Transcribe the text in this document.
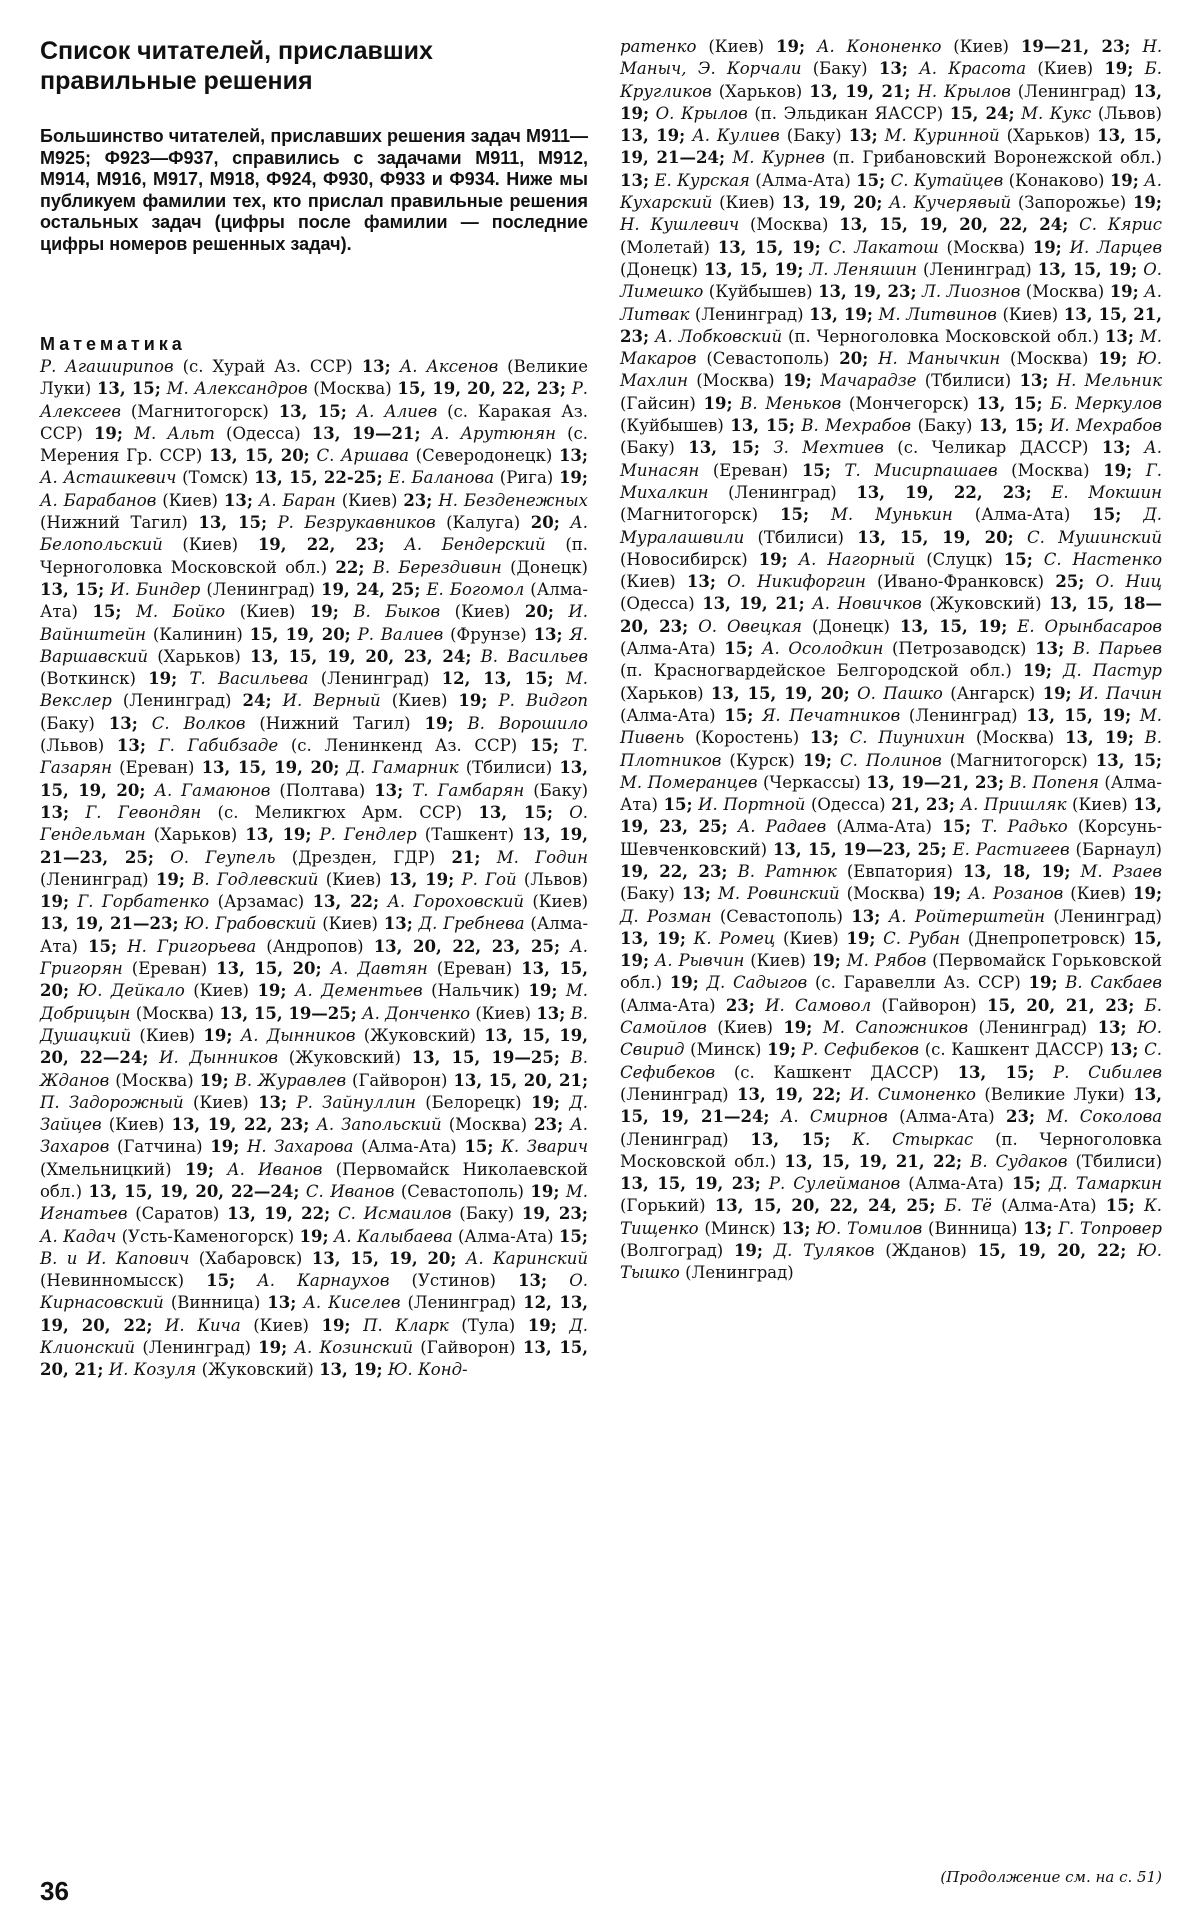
Список читателей, приславших правильные решения

Большинство читателей, приславших решения задач М911—М925; Ф923—Ф937, справились с задачами М911, М912, М914, М916, М917, М918, Ф924, Ф930, Ф933 и Ф934. Ниже мы публикуем фамилии тех, кто прислал правильные решения остальных задач (цифры после фамилии — последние цифры номеров решенных задач).

Математика

Р. Агаширипов (с. Хурай Аз. ССР) 13; А. Аксенов (Великие Луки) 13, 15; М. Александров (Москва) 15, 19, 20, 22, 23; Р. Алексеев (Магнитогорск) 13, 15; А. Алиев (с. Каракая Аз. ССР) 19; М. Альт (Одесса) 13, 19—21; А. Арутюнян (с. Мерения Гр. ССР) 13, 15, 20; С. Аршава (Северодонецк) 13; А. Асташкевич (Томск) 13, 15, 22-25; Е. Баланова (Рига) 19; А. Барабанов (Киев) 13; А. Баран (Киев) 23; Н. Безденежных (Нижний Тагил) 13, 15; Р. Безрукавников (Калуга) 20; А. Белопольский (Киев) 19, 22, 23; А. Бендерский (п. Черноголовка Московской обл.) 22; В. Берездивин (Донецк) 13, 15; И. Биндер (Ленинград) 19, 24, 25; Е. Богомол (Алма-Ата) 15; М. Бойко (Киев) 19; В. Быков (Киев) 20; И. Вайнштейн (Калинин) 15, 19, 20; Р. Валиев (Фрунзе) 13; Я. Варшавский (Харьков) 13, 15, 19, 20, 23, 24; В. Васильев (Воткинск) 19; Т. Васильева (Ленинград) 12, 13, 15; М. Векслер (Ленинград) 24; И. Верный (Киев) 19; Р. Видгоп (Баку) 13; С. Волков (Нижний Тагил) 19; В. Ворошило (Львов) 13; Г. Габибзаде (с. Ленинкенд Аз. ССР) 15; Т. Газарян (Ереван) 13, 15, 19, 20; Д. Гамарник (Тбилиси) 13, 15, 19, 20; А. Гамаюнов (Полтава) 13; Т. Гамбарян (Баку) 13; Г. Гевондян (с. Меликгюх Арм. ССР) 13, 15; О. Гендельман (Харьков) 13, 19; Р. Гендлер (Ташкент) 13, 19, 21—23, 25; О. Геупель (Дрезден, ГДР) 21; М. Годин (Ленинград) 19; В. Годлевский (Киев) 13, 19; Р. Гой (Львов) 19; Г. Горбатенко (Арзамас) 13, 22; А. Гороховский (Киев) 13, 19, 21—23; Ю. Грабовский (Киев) 13; Д. Гребнева (Алма-Ата) 15; Н. Григорьева (Андропов) 13, 20, 22, 23, 25; А. Григорян (Ереван) 13, 15, 20; А. Давтян (Ереван) 13, 15, 20; Ю. Дейкало (Киев) 19; А. Дементьев (Нальчик) 19; М. Добрицын (Москва) 13, 15, 19—25; А. Донченко (Киев) 13; В. Душацкий (Киев) 19; А. Дынников (Жуковский) 13, 15, 19, 20, 22—24; И. Дынников (Жуковский) 13, 15, 19—25; В. Жданов (Москва) 19; В. Журавлев (Гайворон) 13, 15, 20, 21; П. Задорожный (Киев) 13; Р. Зайнуллин (Белорецк) 19; Д. Зайцев (Киев) 13, 19, 22, 23; А. Запольский (Москва) 23; А. Захаров (Гатчина) 19; Н. Захарова (Алма-Ата) 15; К. Зварич (Хмельницкий) 19; А. Иванов (Первомайск Николаевской обл.) 13, 15, 19, 20, 22—24; С. Иванов (Севастополь) 19; М. Игнатьев (Саратов) 13, 19, 22; С. Исмаилов (Баку) 19, 23; А. Кадач (Усть-Каменогорск) 19; А. Калыбаева (Алма-Ата) 15; В. и И. Капович (Хабаровск) 13, 15, 19, 20; А. Каринский (Невинномысск) 15; А. Карнаухов (Устинов) 13; О. Кирнасовский (Винница) 13; А. Киселев (Ленинград) 12, 13, 19, 20, 22; И. Кича (Киев) 19; П. Кларк (Тула) 19; Д. Клионский (Ленинград) 19; А. Козинский (Гайворон) 13, 15, 20, 21; И. Козуля (Жуковский) 13, 19; Ю. Конд-

ратенко (Киев) 19; А. Кононенко (Киев) 19—21, 23; Н. Маныч, Э. Корчали (Баку) 13; А. Красота (Киев) 19; Б. Кругликов (Харьков) 13, 19, 21; Н. Крылов (Ленинград) 13, 19; О. Крылов (п. Эльдикан ЯАССР) 15, 24; М. Кукс (Львов) 13, 19; А. Кулиев (Баку) 13; М. Куринной (Харьков) 13, 15, 19, 21—24; М. Курнев (п. Грибановский Воронежской обл.) 13; Е. Курская (Алма-Ата) 15; С. Кутайцев (Конаково) 19; А. Кухарский (Киев) 13, 19, 20; А. Кучерявый (Запорожье) 19; Н. Кушлевич (Москва) 13, 15, 19, 20, 22, 24; С. Кярис (Молетай) 13, 15, 19; С. Лакатош (Москва) 19; И. Ларцев (Донецк) 13, 15, 19; Л. Леняшин (Ленинград) 13, 15, 19; О. Лимешко (Куйбышев) 13, 19, 23; Л. Лиознов (Москва) 19; А. Литвак (Ленинград) 13, 19; М. Литвинов (Киев) 13, 15, 21, 23; А. Лобковский (п. Черноголовка Московской обл.) 13; М. Макаров (Севастополь) 20; Н. Манычкин (Москва) 19; Ю. Махлин (Москва) 19; Мачарадзе (Тбилиси) 13; Н. Мельник (Гайсин) 19; В. Меньков (Мончегорск) 13, 15; Б. Меркулов (Куйбышев) 13, 15; В. Мехрабов (Баку) 13, 15; И. Мехрабов (Баку) 13, 15; З. Мехтиев (с. Челикар ДАССР) 13; А. Минасян (Ереван) 15; Т. Мисирпашаев (Москва) 19; Г. Михалкин (Ленинград) 13, 19, 22, 23; Е. Мокшин (Магнитогорск) 15; М. Мунькин (Алма-Ата) 15; Д. Муралашвили (Тбилиси) 13, 15, 19, 20; С. Мушинский (Новосибирск) 19; А. Нагорный (Слуцк) 15; С. Настенко (Киев) 13; О. Никифоргин (Ивано-Франковск) 25; О. Ниц (Одесса) 13, 19, 21; А. Новичков (Жуковский) 13, 15, 18—20, 23; О. Овецкая (Донецк) 13, 15, 19; Е. Орынбасаров (Алма-Ата) 15; А. Осолодкин (Петрозаводск) 13; В. Парьев (п. Красногвардейское Белгородской обл.) 19; Д. Пастур (Харьков) 13, 15, 19, 20; О. Пашко (Ангарск) 19; И. Пачин (Алма-Ата) 15; Я. Печатников (Ленинград) 13, 15, 19; М. Пивень (Коростень) 13; С. Пиунихин (Москва) 13, 19; В. Плотников (Курск) 19; С. Полинов (Магнитогорск) 13, 15; М. Померанцев (Черкассы) 13, 19—21, 23; В. Попеня (Алма-Ата) 15; И. Портной (Одесса) 21, 23; А. Пришляк (Киев) 13, 19, 23, 25; А. Радаев (Алма-Ата) 15; Т. Радько (Корсунь-Шевченковский) 13, 15, 19—23, 25; Е. Растигеев (Барнаул) 19, 22, 23; В. Ратнюк (Евпатория) 13, 18, 19; М. Рзаев (Баку) 13; М. Ровинский (Москва) 19; А. Розанов (Киев) 19; Д. Розман (Севастополь) 13; А. Ройтерштейн (Ленинград) 13, 19; К. Ромец (Киев) 19; С. Рубан (Днепропетровск) 15, 19; А. Рывчин (Киев) 19; М. Рябов (Первомайск Горьковской обл.) 19; Д. Садыгов (с. Гаравелли Аз. ССР) 19; В. Сакбаев (Алма-Ата) 23; И. Самовол (Гайворон) 15, 20, 21, 23; Б. Самойлов (Киев) 19; М. Сапожников (Ленинград) 13; Ю. Свирид (Минск) 19; Р. Сефибеков (с. Кашкент ДАССР) 13; С. Сефибеков (с. Кашкент ДАССР) 13, 15; Р. Сибилев (Ленинград) 13, 19, 22; И. Симоненко (Великие Луки) 13, 15, 19, 21—24; А. Смирнов (Алма-Ата) 23; М. Соколова (Ленинград) 13, 15; К. Стыркас (п. Черноголовка Московской обл.) 13, 15, 19, 21, 22; В. Судаков (Тбилиси) 13, 15, 19, 23; Р. Сулейманов (Алма-Ата) 15; Д. Тамаркин (Горький) 13, 15, 20, 22, 24, 25; Б. Тё (Алма-Ата) 15; К. Тищенко (Минск) 13; Ю. Томилов (Винница) 13; Г. Топровер (Волгоград) 19; Д. Туляков (Жданов) 15, 19, 20, 22; Ю. Тышко (Ленинград)

(Продолжение см. на с. 51)

36
